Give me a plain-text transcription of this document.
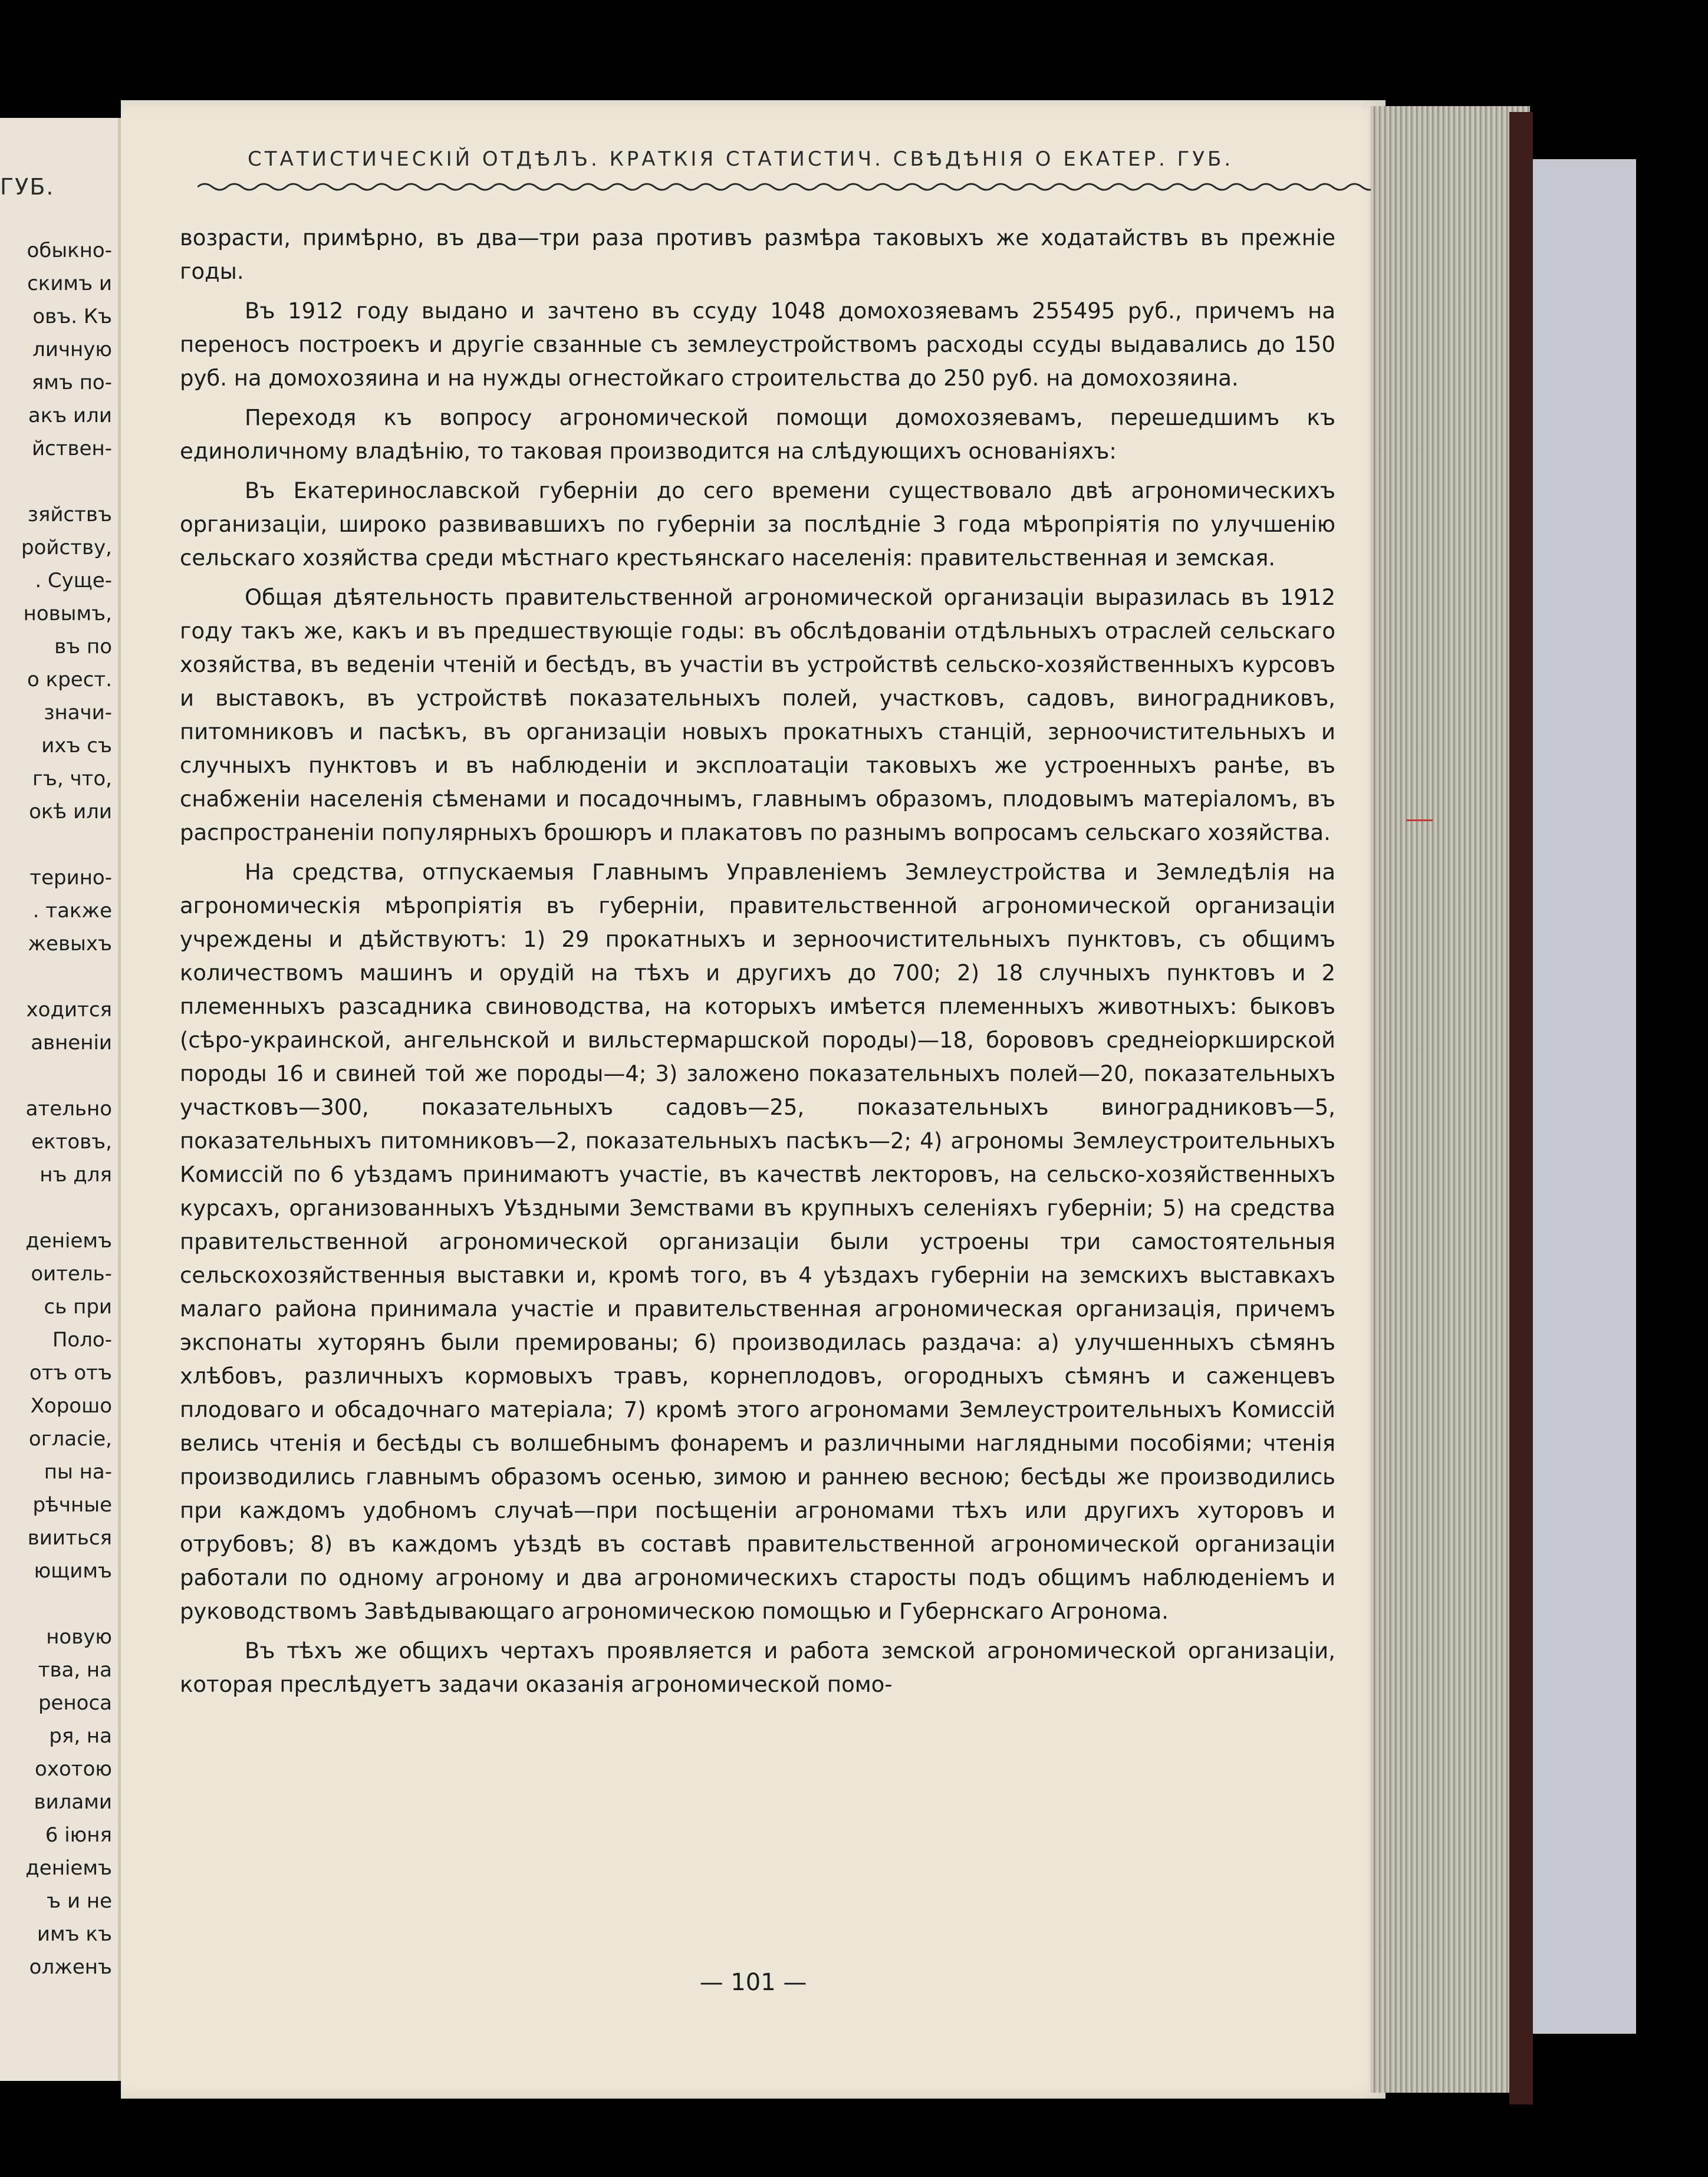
ГУБ.
обыкно-
скимъ и
овъ. Къ
личную
ямъ по-
акъ или
йствен-
зяйствъ
ройству,
. Суще-
новымъ,
въ по
о крест.
значи-
ихъ съ
гъ, что,
окѣ или
терино-
. также
жевыхъ
ходится
авненіи
ательно
ектовъ,
нъ для
деніемъ
оитель-
сь при
Поло-
отъ отъ
Хорошо
огласіе,
пы на-
рѣчные
вииться
ющимъ
новую
тва, на
реноса
ря, на
охотою
вилами
6 іюня
деніемъ
ъ и не
имъ къ
олженъ
СТАТИСТИЧЕСКІЙ ОТДѢЛЪ. КРАТКІЯ СТАТИСТИЧ. СВѢДѢНІЯ О ЕКАТЕР. ГУБ.

возрасти, примѣрно, въ два—три раза противъ размѣра таковыхъ же ходатайствъ въ прежніе годы.

Въ 1912 году выдано и зачтено въ ссуду 1048 домохозяевамъ 255495 руб., причемъ на переносъ построекъ и другіе свзанные съ землеустройствомъ расходы ссуды выдавались до 150 руб. на домохозяина и на нужды огнестойкаго строительства до 250 руб. на домохозяина.

Переходя къ вопросу агрономической помощи домохозяевамъ, перешедшимъ къ единоличному владѣнію, то таковая производится на слѣдующихъ основаніяхъ:

Въ Екатеринославской губерніи до сего времени существовало двѣ агрономическихъ организаціи, широко развивавшихъ по губерніи за послѣдніе 3 года мѣропріятія по улучшенію сельскаго хозяйства среди мѣстнаго крестьянскаго населенія: правительственная и земская.

Общая дѣятельность правительственной агрономической организаціи выразилась въ 1912 году такъ же, какъ и въ предшествующіе годы: въ обслѣдованіи отдѣльныхъ отраслей сельскаго хозяйства, въ веденіи чтеній и бесѣдъ, въ участіи въ устройствѣ сельско-хозяйственныхъ курсовъ и выставокъ, въ устройствѣ показательныхъ полей, участковъ, садовъ, виноградниковъ, питомниковъ и пасѣкъ, въ организаціи новыхъ прокатныхъ станцій, зерноочистительныхъ и случныхъ пунктовъ и въ наблюденіи и эксплоатаціи таковыхъ же устроенныхъ ранѣе, въ снабженіи населенія сѣменами и посадочнымъ, главнымъ образомъ, плодовымъ матеріаломъ, въ распространеніи популярныхъ брошюръ и плакатовъ по разнымъ вопросамъ сельскаго хозяйства.

На средства, отпускаемыя Главнымъ Управленіемъ Землеустройства и Земледѣлія на агрономическія мѣропріятія въ губерніи, правительственной агрономической организаціи учреждены и дѣйствуютъ: 1) 29 прокатныхъ и зерноочистительныхъ пунктовъ, съ общимъ количествомъ машинъ и орудій на тѣхъ и другихъ до 700; 2) 18 случныхъ пунктовъ и 2 племенныхъ разсадника свиноводства, на которыхъ имѣется племенныхъ животныхъ: быковъ (сѣро-украинской, ангельнской и вильстермаршской породы)—18, борововъ среднеіоркширской породы 16 и свиней той же породы—4; 3) заложено показательныхъ полей—20, показательныхъ участковъ—300, показательныхъ садовъ—25, показательныхъ виноградниковъ—5, показательныхъ питомниковъ—2, показательныхъ пасѣкъ—2; 4) агрономы Землеустроительныхъ Комиссій по 6 уѣздамъ принимаютъ участіе, въ качествѣ лекторовъ, на сельско-хозяйственныхъ курсахъ, организованныхъ Уѣздными Земствами въ крупныхъ селеніяхъ губерніи; 5) на средства правительственной агрономической организаціи были устроены три самостоятельныя сельскохозяйственныя выставки и, кромѣ того, въ 4 уѣздахъ губерніи на земскихъ выставкахъ малаго района принимала участіе и правительственная агрономическая организація, причемъ экспонаты хуторянъ были премированы; 6) производилась раздача: а) улучшенныхъ сѣмянъ хлѣбовъ, различныхъ кормовыхъ травъ, корнеплодовъ, огородныхъ сѣмянъ и саженцевъ плодоваго и обсадочнаго матеріала; 7) кромѣ этого агрономами Землеустроительныхъ Комиссій велись чтенія и бесѣды съ волшебнымъ фонаремъ и различными наглядными пособіями; чтенія производились главнымъ образомъ осенью, зимою и раннею весною; бесѣды же производились при каждомъ удобномъ случаѣ—при посѣщеніи агрономами тѣхъ или другихъ хуторовъ и отрубовъ; 8) въ каждомъ уѣздѣ въ составѣ правительственной агрономической организаціи работали по одному агроному и два агрономическихъ старосты подъ общимъ наблюденіемъ и руководствомъ Завѣдывающаго агрономическою помощью и Губернскаго Агронома.

Въ тѣхъ же общихъ чертахъ проявляется и работа земской агрономической организаціи, которая преслѣдуетъ задачи оказанія агрономической помо-

— 101 —
